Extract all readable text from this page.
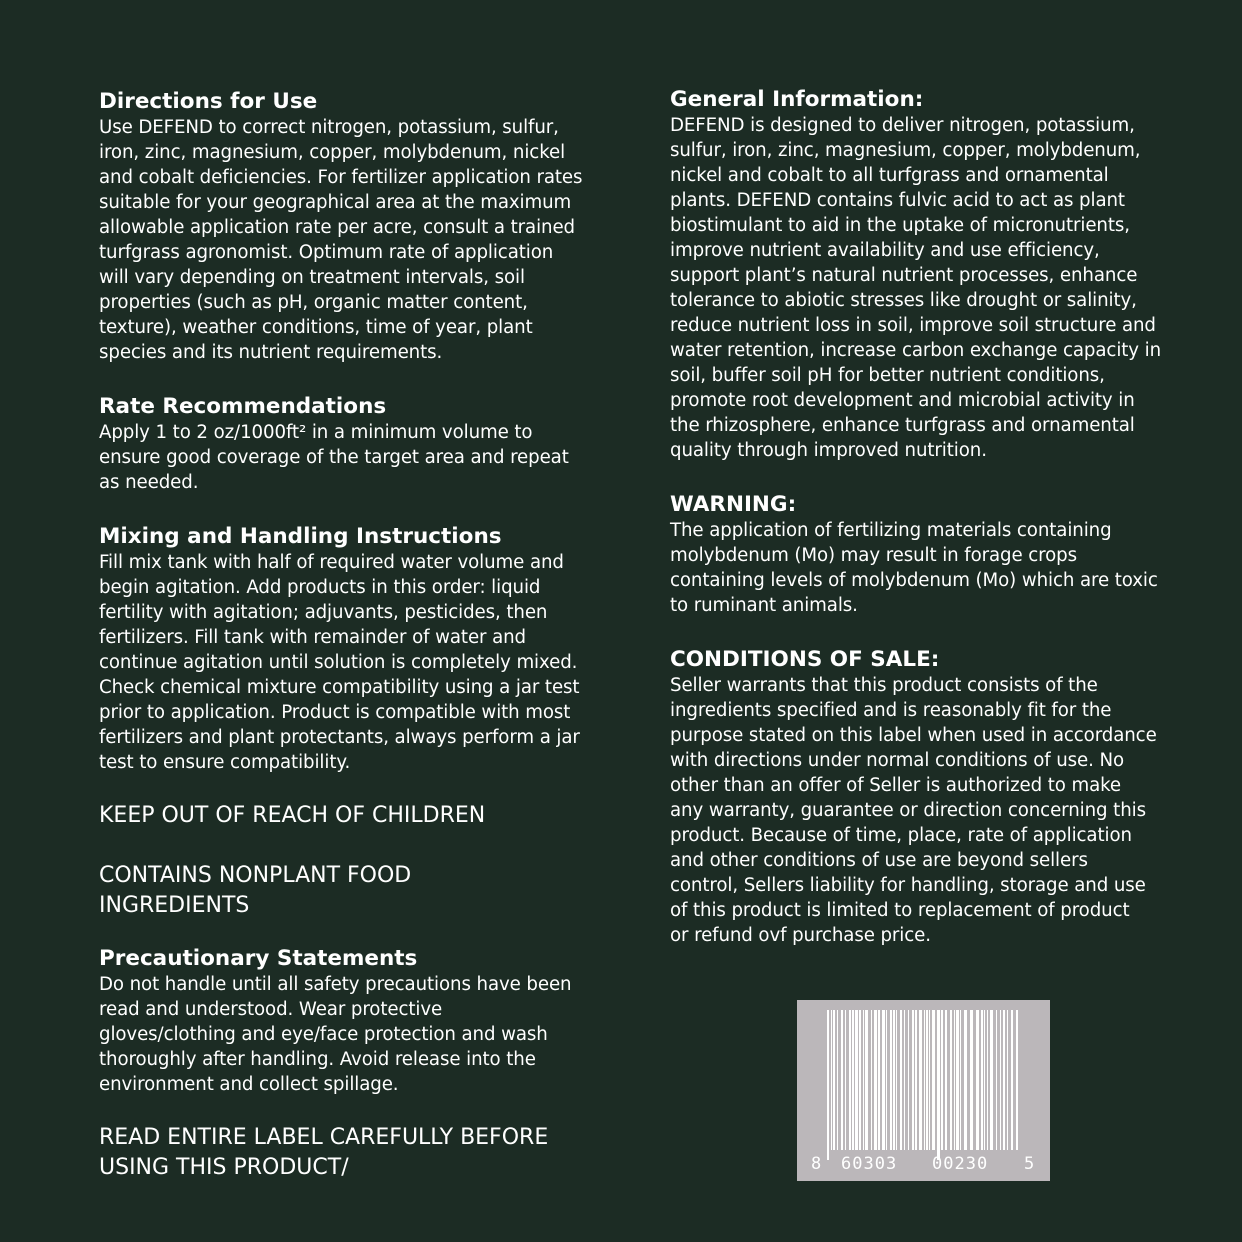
Directions for Use

Use DEFEND to correct nitrogen, potassium, sulfur,
iron, zinc, magnesium, copper, molybdenum, nickel
and cobalt deficiencies. For fertilizer application rates
suitable for your geographical area at the maximum
allowable application rate per acre, consult a trained
turfgrass agronomist. Optimum rate of application
will vary depending on treatment intervals, soil
properties (such as pH, organic matter content,
texture), weather conditions, time of year, plant
species and its nutrient requirements.

Rate Recommendations

Apply 1 to 2 oz/1000ft² in a minimum volume to
ensure good coverage of the target area and repeat
as needed.

Mixing and Handling Instructions

Fill mix tank with half of required water volume and
begin agitation. Add products in this order: liquid
fertility with agitation; adjuvants, pesticides, then
fertilizers. Fill tank with remainder of water and
continue agitation until solution is completely mixed.
Check chemical mixture compatibility using a jar test
prior to application. Product is compatible with most
fertilizers and plant protectants, always perform a jar
test to ensure compatibility.

KEEP OUT OF REACH OF CHILDREN

CONTAINS NONPLANT FOOD
INGREDIENTS

Precautionary Statements

Do not handle until all safety precautions have been
read and understood. Wear protective
gloves/clothing and eye/face protection and wash
thoroughly after handling. Avoid release into the
environment and collect spillage.
READ ENTIRE LABEL CAREFULLY BEFORE
USING THIS PRODUCT/

General Information:

DEFEND is designed to deliver nitrogen, potassium,
sulfur, iron, zinc, magnesium, copper, molybdenum,
nickel and cobalt to all turfgrass and ornamental
plants. DEFEND contains fulvic acid to act as plant
biostimulant to aid in the uptake of micronutrients,
improve nutrient availability and use efficiency,
support plant’s natural nutrient processes, enhance
tolerance to abiotic stresses like drought or salinity,
reduce nutrient loss in soil, improve soil structure and
water retention, increase carbon exchange capacity in
soil, buffer soil pH for better nutrient conditions,
promote root development and microbial activity in
the rhizosphere, enhance turfgrass and ornamental
quality through improved nutrition.

WARNING:

The application of fertilizing materials containing
molybdenum (Mo) may result in forage crops
containing levels of molybdenum (Mo) which are toxic
to ruminant animals.

CONDITIONS OF SALE:

Seller warrants that this product consists of the
ingredients specified and is reasonably fit for the
purpose stated on this label when used in accordance
with directions under normal conditions of use. No
other than an offer of Seller is authorized to make
any warranty, guarantee or direction concerning this
product. Because of time, place, rate of application
and other conditions of use are beyond sellers
control, Sellers liability for handling, storage and use
of this product is limited to replacement of product
or refund ovf purchase price.
8 60303 00230 5
